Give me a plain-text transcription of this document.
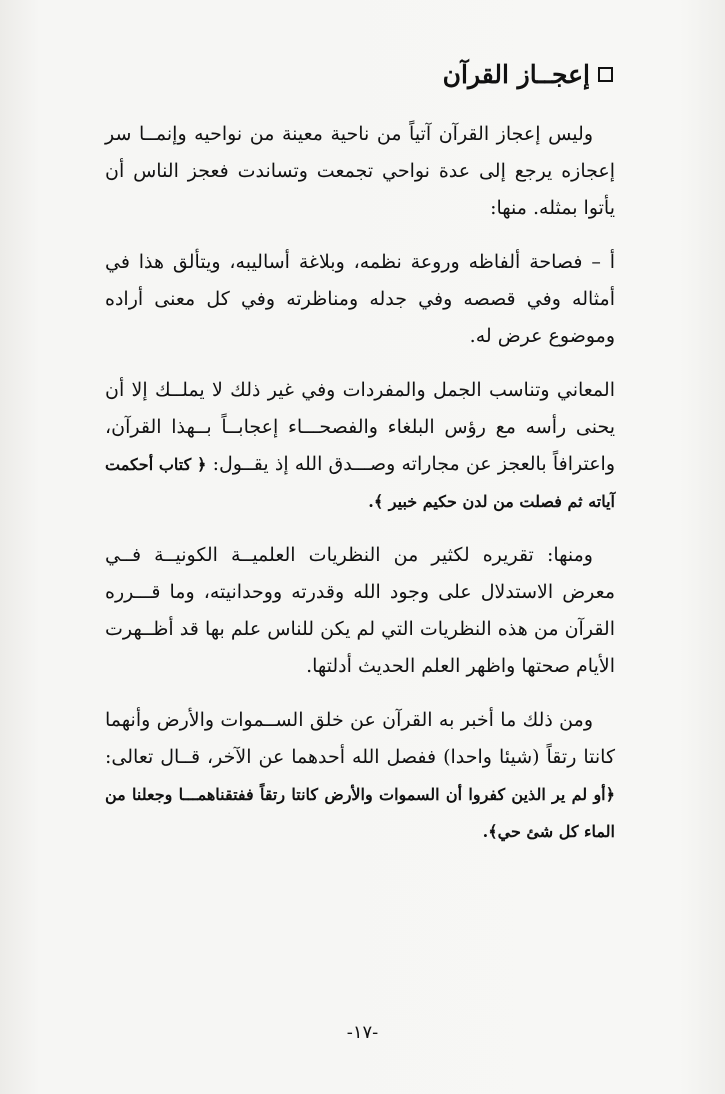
إعجــاز القرآن

وليس إعجاز القرآن آتياً من ناحية معينة من نواحيه وإنمــا سر إعجازه يرجع إلى عدة نواحي تجمعت وتساندت فعجز الناس أن يأتوا بمثله. منها:

أ – فصاحة ألفاظه وروعة نظمه، وبلاغة أساليبه، ويتألق هذا في أمثاله وفي قصصه وفي جدله ومناظرته وفي كل معنى أراده وموضوع عرض له.

المعاني وتناسب الجمل والمفردات وفي غير ذلك لا يملــك إلا أن يحنى رأسه مع رؤس البلغاء والفصحـــاء إعجابــاً بــهذا القرآن، واعترافاً بالعجز عن مجاراته وصـــدق الله إذ يقــول: ﴿ كتاب أحكمت آياته ثم فصلت من لدن حكيم خبير ﴾.

ومنها: تقريره لكثير من النظريات العلميــة الكونيــة فــي معرض الاستدلال على وجود الله وقدرته ووحدانيته، وما قـــرره القرآن من هذه النظريات التي لم يكن للناس علم بها قد أظــهرت الأيام صحتها واظهر العلم الحديث أدلتها.

ومن ذلك ما أخبر به القرآن عن خلق الســموات والأرض وأنهما كانتا رتقاً (شيئا واحدا) ففصل الله أحدهما عن الآخر، قــال تعالى: ﴿أو لم ير الذين كفروا أن السموات والأرض كانتا رتقاً ففتقناهمـــا وجعلنا من الماء كل شئ حي﴾.

-١٧-
